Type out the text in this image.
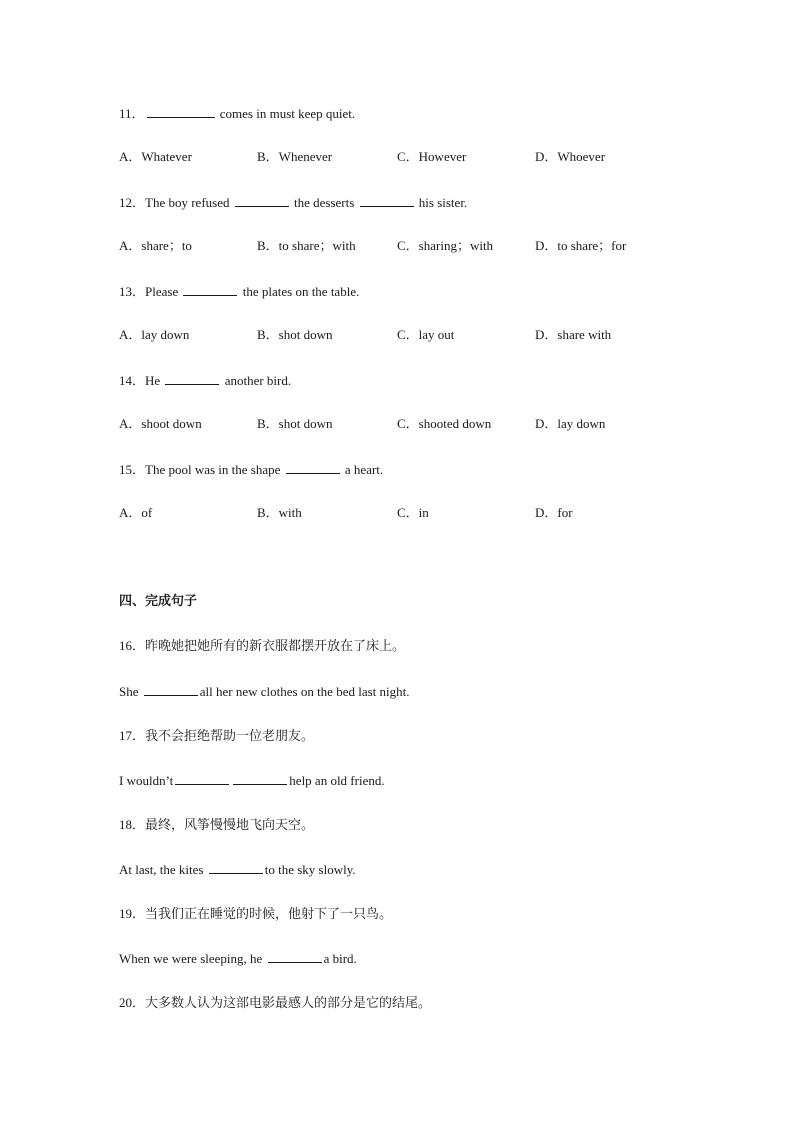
11．	comes in must keep quiet.
A．Whatever	B．Whenever	C．However	D．Whoever
12．The boy refused	the desserts	his sister.
A．share；to	B．to share；with	C．sharing；with	D．to share；for
13．Please	the plates on the table.
A．lay down	B．shot down	C．lay out	D．share with
14．He	another bird.
A．shoot down	B．shot down	C．shooted down	D．lay down
15．The pool was in the shape	a heart.
A．of	B．with	C．in	D．for
四、完成句子
16．昨晚她把她所有的新衣服都摆开放在了床上。
She	all her new clothes on the bed last night.
17．我不会拒绝帮助一位老朋友。
I wouldn’t	help an old friend.
18．最终，风筝慢慢地飞向天空。
At last, the kites	to the sky slowly.
19．当我们正在睡觉的时候，他射下了一只鸟。
When we were sleeping, he	a bird.
20．大多数人认为这部电影最感人的部分是它的结尾。
